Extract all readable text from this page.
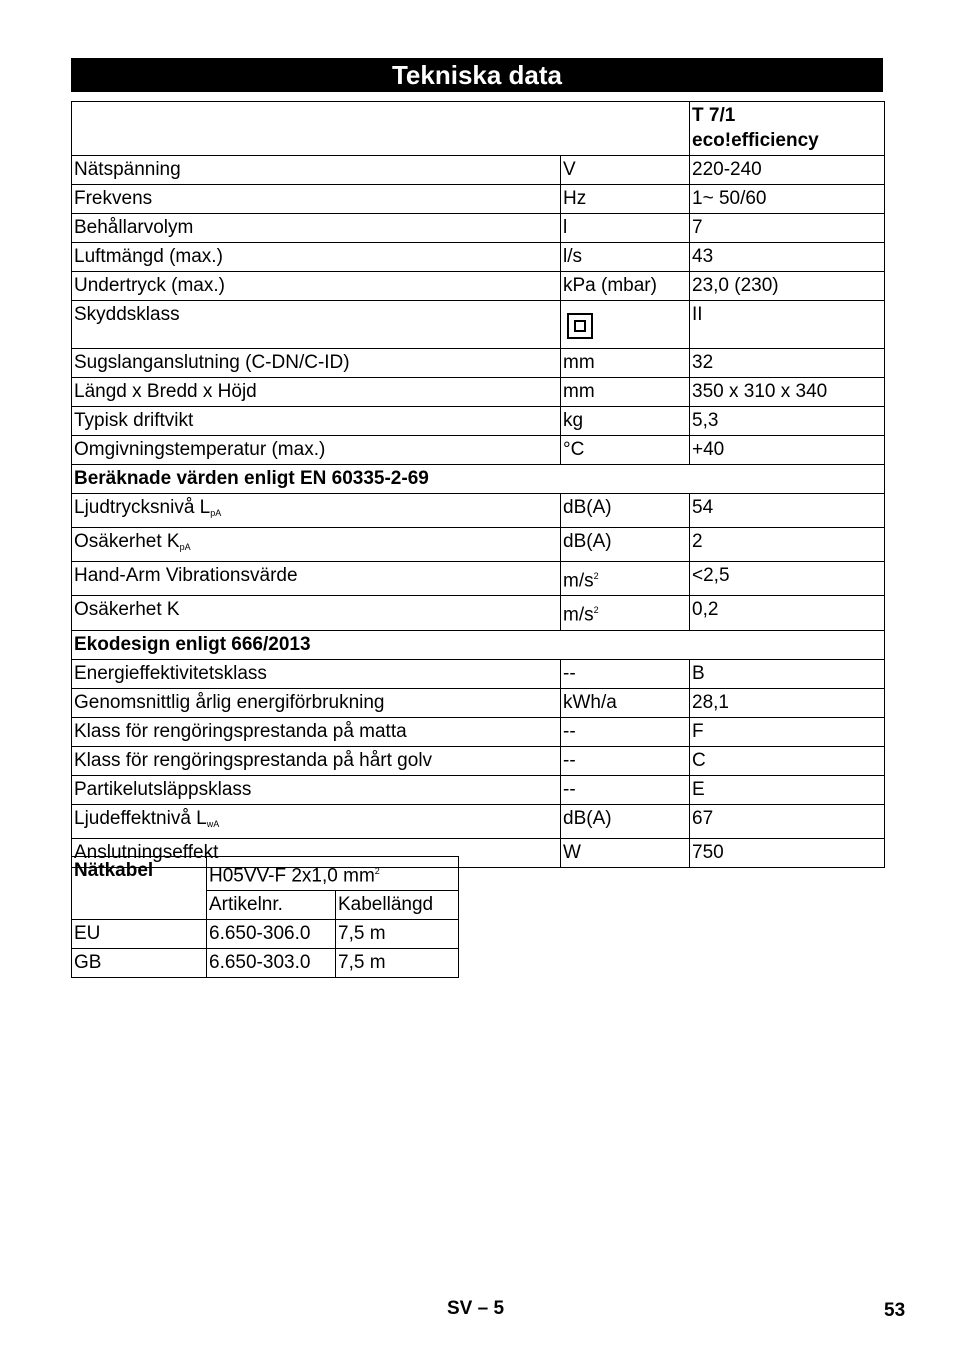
Tekniska data
		T 7/1
eco!efficiency
Nätspänning	V	220-240
Frekvens	Hz	1~ 50/60
Behållarvolym	l	7
Luftmängd (max.)	l/s	43
Undertryck (max.)	kPa (mbar)	23,0 (230)
Skyddsklass		II
Sugslanganslutning (C-DN/C-ID)	mm	32
Längd x Bredd x Höjd	mm	350 x 310 x 340
Typisk driftvikt	kg	5,3
Omgivningstemperatur (max.)	°C	+40
Beräknade värden enligt EN 60335-2-69		
Ljudtrycksnivå $L_{pA}$	dB(A)	54
Osäkerhet $K_{pA}$	dB(A)	2
Hand-Arm Vibrationsvärde	$m/s^2$	<2,5
Osäkerhet K	$m/s^2$	0,2
Ekodesign enligt 666/2013		
Energieffektivitetsklass	--	B
Genomsnittlig årlig energiförbrukning	kWh/a	28,1
Klass för rengöringsprestanda på matta	--	F
Klass för rengöringsprestanda på hårt golv	--	C
Partikelutsläppsklass	--	E
Ljudeffektnivå $L_{wA}$	dB(A)	67
Anslutningseffekt	W	750
Nätkabel	H05VV-F 2x1,0 $mm^2$
	Artikelnr.	Kabellängd
EU	6.650-306.0	7,5 m
GB	6.650-303.0	7,5 m
SV – 5	53
